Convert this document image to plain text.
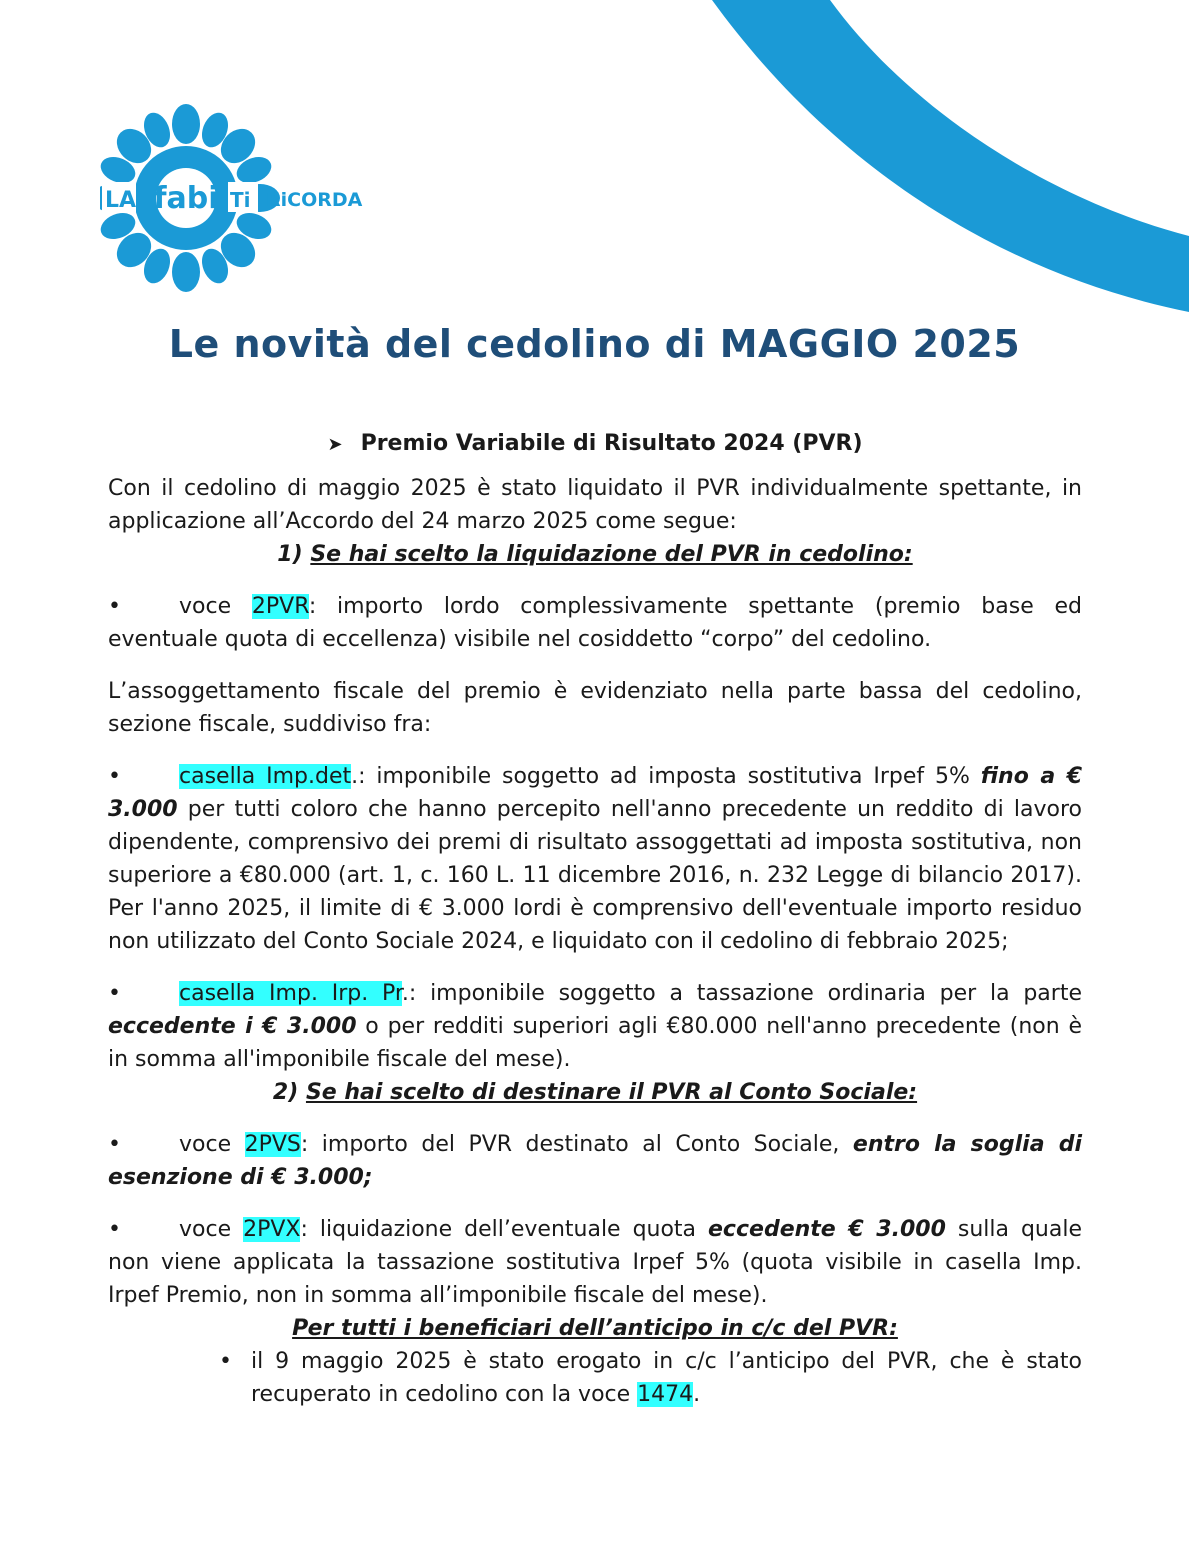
LA fabi Ti RiCORDA
Le novità del cedolino di MAGGIO 2025
➤ Premio Variabile di Risultato 2024 (PVR)

Con il cedolino di maggio 2025 è stato liquidato il PVR individualmente spettante, in applicazione all’Accordo del 24 marzo 2025 come segue:

1) Se hai scelto la liquidazione del PVR in cedolino:

•	voce 2PVR: importo lordo complessivamente spettante (premio base ed eventuale quota di eccellenza) visibile nel cosiddetto “corpo” del cedolino.

L’assoggettamento fiscale del premio è evidenziato nella parte bassa del cedolino, sezione fiscale, suddiviso fra:

•	casella Imp.det.: imponibile soggetto ad imposta sostitutiva Irpef 5% fino a € 3.000 per tutti coloro che hanno percepito nell'anno precedente un reddito di lavoro dipendente, comprensivo dei premi di risultato assoggettati ad imposta sostitutiva, non superiore a €80.000 (art. 1, c. 160 L. 11 dicembre 2016, n. 232 Legge di bilancio 2017). Per l'anno 2025, il limite di € 3.000 lordi è comprensivo dell'eventuale importo residuo non utilizzato del Conto Sociale 2024, e liquidato con il cedolino di febbraio 2025;

•	casella Imp. Irp. Pr.: imponibile soggetto a tassazione ordinaria per la parte eccedente i € 3.000 o per redditi superiori agli €80.000 nell'anno precedente (non è in somma all'imponibile fiscale del mese).

2) Se hai scelto di destinare il PVR al Conto Sociale:

•	voce 2PVS: importo del PVR destinato al Conto Sociale, entro la soglia di esenzione di € 3.000;

•	voce 2PVX: liquidazione dell’eventuale quota eccedente € 3.000 sulla quale non viene applicata la tassazione sostitutiva Irpef 5% (quota visibile in casella Imp. Irpef Premio, non in somma all’imponibile fiscale del mese).

Per tutti i beneficiari dell’anticipo in c/c del PVR:
• il 9 maggio 2025 è stato erogato in c/c l’anticipo del PVR, che è stato recuperato in cedolino con la voce 1474.
